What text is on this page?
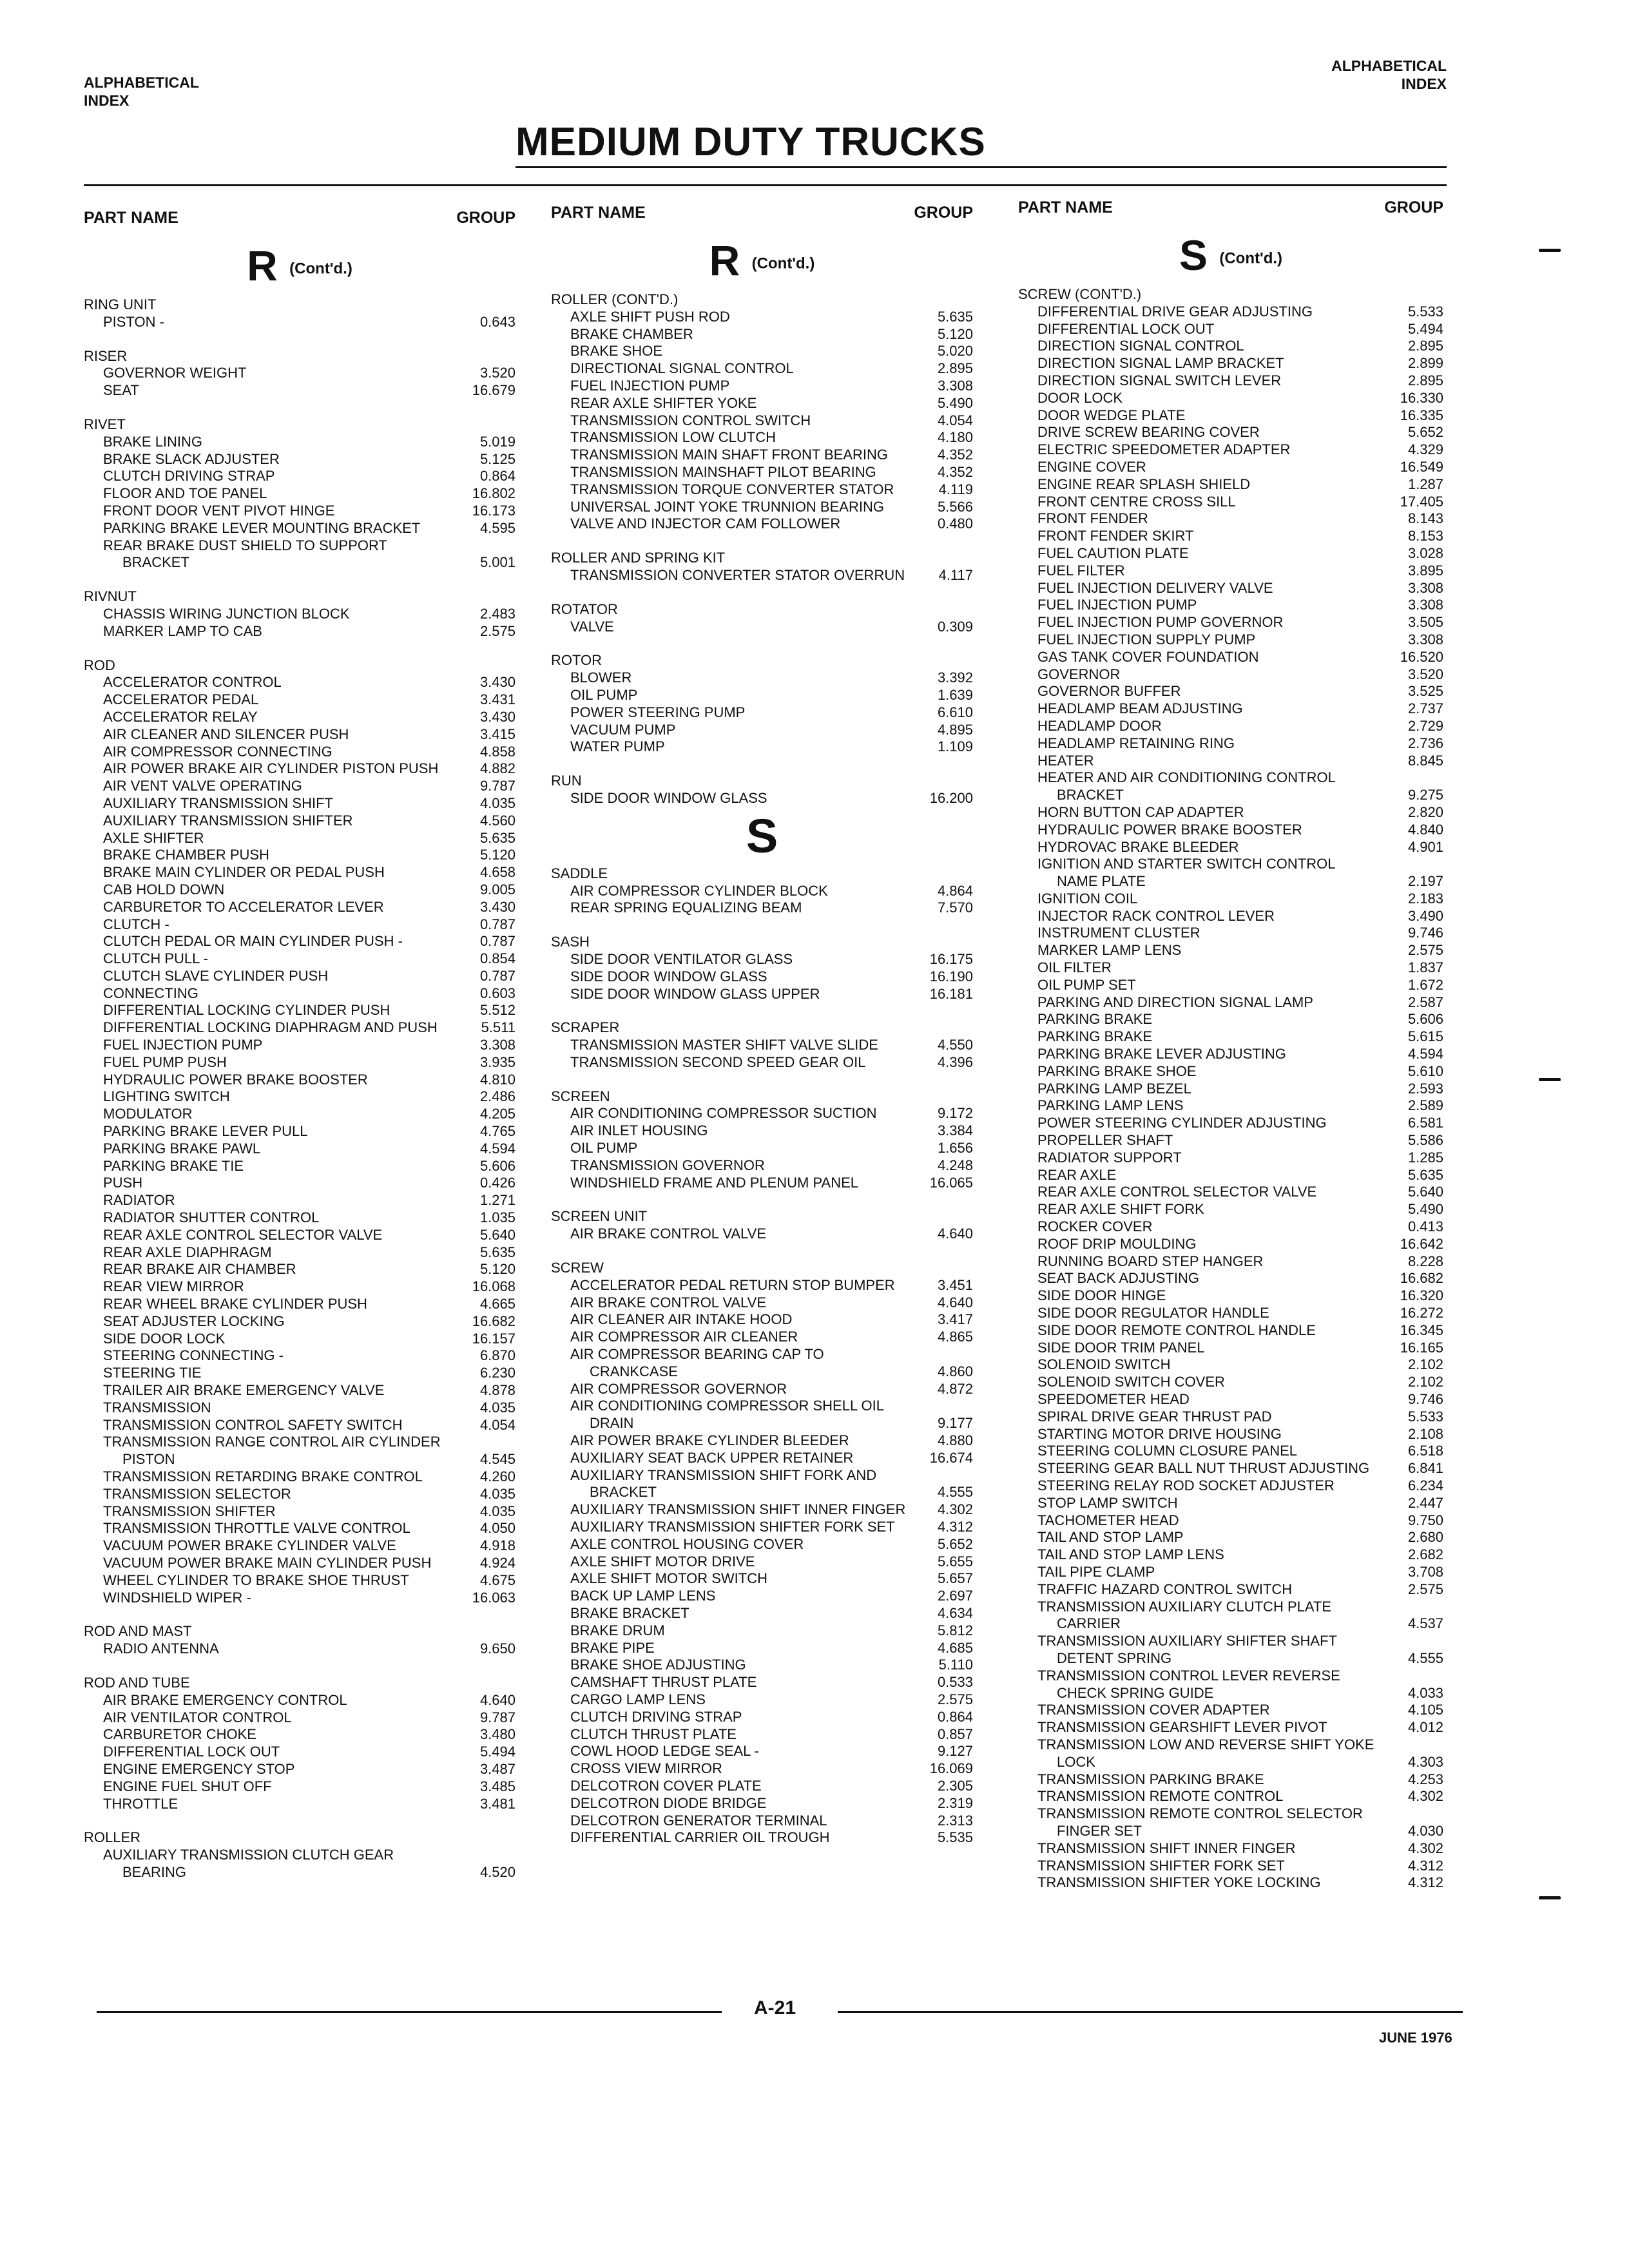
ALPHABETICAL
INDEX
ALPHABETICAL
INDEX
MEDIUM DUTY TRUCKS
PART NAME	GROUP
R (Cont'd.)
RING UNIT
PISTON -	0.643
RISER
GOVERNOR WEIGHT	3.520
SEAT	16.679
RIVET
BRAKE LINING	5.019
BRAKE SLACK ADJUSTER	5.125
CLUTCH DRIVING STRAP	0.864
FLOOR AND TOE PANEL	16.802
FRONT DOOR VENT PIVOT HINGE	16.173
PARKING BRAKE LEVER MOUNTING BRACKET	4.595
REAR BRAKE DUST SHIELD TO SUPPORT
BRACKET	5.001
RIVNUT
CHASSIS WIRING JUNCTION BLOCK	2.483
MARKER LAMP TO CAB	2.575
ROD
ACCELERATOR CONTROL	3.430
ACCELERATOR PEDAL	3.431
ACCELERATOR RELAY	3.430
AIR CLEANER AND SILENCER PUSH	3.415
AIR COMPRESSOR CONNECTING	4.858
AIR POWER BRAKE AIR CYLINDER PISTON PUSH	4.882
AIR VENT VALVE OPERATING	9.787
AUXILIARY TRANSMISSION SHIFT	4.035
AUXILIARY TRANSMISSION SHIFTER	4.560
AXLE SHIFTER	5.635
BRAKE CHAMBER PUSH	5.120
BRAKE MAIN CYLINDER OR PEDAL PUSH	4.658
CAB HOLD DOWN	9.005
CARBURETOR TO ACCELERATOR LEVER	3.430
CLUTCH -	0.787
CLUTCH PEDAL OR MAIN CYLINDER PUSH -	0.787
CLUTCH PULL -	0.854
CLUTCH SLAVE CYLINDER PUSH	0.787
CONNECTING	0.603
DIFFERENTIAL LOCKING CYLINDER PUSH	5.512
DIFFERENTIAL LOCKING DIAPHRAGM AND PUSH	5.511
FUEL INJECTION PUMP	3.308
FUEL PUMP PUSH	3.935
HYDRAULIC POWER BRAKE BOOSTER	4.810
LIGHTING SWITCH	2.486
MODULATOR	4.205
PARKING BRAKE LEVER PULL	4.765
PARKING BRAKE PAWL	4.594
PARKING BRAKE TIE	5.606
PUSH	0.426
RADIATOR	1.271
RADIATOR SHUTTER CONTROL	1.035
REAR AXLE CONTROL SELECTOR VALVE	5.640
REAR AXLE DIAPHRAGM	5.635
REAR BRAKE AIR CHAMBER	5.120
REAR VIEW MIRROR	16.068
REAR WHEEL BRAKE CYLINDER PUSH	4.665
SEAT ADJUSTER LOCKING	16.682
SIDE DOOR LOCK	16.157
STEERING CONNECTING -	6.870
STEERING TIE	6.230
TRAILER AIR BRAKE EMERGENCY VALVE	4.878
TRANSMISSION	4.035
TRANSMISSION CONTROL SAFETY SWITCH	4.054
TRANSMISSION RANGE CONTROL AIR CYLINDER
PISTON	4.545
TRANSMISSION RETARDING BRAKE CONTROL	4.260
TRANSMISSION SELECTOR	4.035
TRANSMISSION SHIFTER	4.035
TRANSMISSION THROTTLE VALVE CONTROL	4.050
VACUUM POWER BRAKE CYLINDER VALVE	4.918
VACUUM POWER BRAKE MAIN CYLINDER PUSH	4.924
WHEEL CYLINDER TO BRAKE SHOE THRUST	4.675
WINDSHIELD WIPER -	16.063
ROD AND MAST
RADIO ANTENNA	9.650
ROD AND TUBE
AIR BRAKE EMERGENCY CONTROL	4.640
AIR VENTILATOR CONTROL	9.787
CARBURETOR CHOKE	3.480
DIFFERENTIAL LOCK OUT	5.494
ENGINE EMERGENCY STOP	3.487
ENGINE FUEL SHUT OFF	3.485
THROTTLE	3.481
ROLLER
AUXILIARY TRANSMISSION CLUTCH GEAR
BEARING	4.520
PART NAME	GROUP
R (Cont'd.)
ROLLER (CONT'D.)
AXLE SHIFT PUSH ROD	5.635
BRAKE CHAMBER	5.120
BRAKE SHOE	5.020
DIRECTIONAL SIGNAL CONTROL	2.895
FUEL INJECTION PUMP	3.308
REAR AXLE SHIFTER YOKE	5.490
TRANSMISSION CONTROL SWITCH	4.054
TRANSMISSION LOW CLUTCH	4.180
TRANSMISSION MAIN SHAFT FRONT BEARING	4.352
TRANSMISSION MAINSHAFT PILOT BEARING	4.352
TRANSMISSION TORQUE CONVERTER STATOR	4.119
UNIVERSAL JOINT YOKE TRUNNION BEARING	5.566
VALVE AND INJECTOR CAM FOLLOWER	0.480
ROLLER AND SPRING KIT
TRANSMISSION CONVERTER STATOR OVERRUN	4.117
ROTATOR
VALVE	0.309
ROTOR
BLOWER	3.392
OIL PUMP	1.639
POWER STEERING PUMP	6.610
VACUUM PUMP	4.895
WATER PUMP	1.109
RUN
SIDE DOOR WINDOW GLASS	16.200
S
SADDLE
AIR COMPRESSOR CYLINDER BLOCK	4.864
REAR SPRING EQUALIZING BEAM	7.570
SASH
SIDE DOOR VENTILATOR GLASS	16.175
SIDE DOOR WINDOW GLASS	16.190
SIDE DOOR WINDOW GLASS UPPER	16.181
SCRAPER
TRANSMISSION MASTER SHIFT VALVE SLIDE	4.550
TRANSMISSION SECOND SPEED GEAR OIL	4.396
SCREEN
AIR CONDITIONING COMPRESSOR SUCTION	9.172
AIR INLET HOUSING	3.384
OIL PUMP	1.656
TRANSMISSION GOVERNOR	4.248
WINDSHIELD FRAME AND PLENUM PANEL	16.065
SCREEN UNIT
AIR BRAKE CONTROL VALVE	4.640
SCREW
ACCELERATOR PEDAL RETURN STOP BUMPER	3.451
AIR BRAKE CONTROL VALVE	4.640
AIR CLEANER AIR INTAKE HOOD	3.417
AIR COMPRESSOR AIR CLEANER	4.865
AIR COMPRESSOR BEARING CAP TO
CRANKCASE	4.860
AIR COMPRESSOR GOVERNOR	4.872
AIR CONDITIONING COMPRESSOR SHELL OIL
DRAIN	9.177
AIR POWER BRAKE CYLINDER BLEEDER	4.880
AUXILIARY SEAT BACK UPPER RETAINER	16.674
AUXILIARY TRANSMISSION SHIFT FORK AND
BRACKET	4.555
AUXILIARY TRANSMISSION SHIFT INNER FINGER	4.302
AUXILIARY TRANSMISSION SHIFTER FORK SET	4.312
AXLE CONTROL HOUSING COVER	5.652
AXLE SHIFT MOTOR DRIVE	5.655
AXLE SHIFT MOTOR SWITCH	5.657
BACK UP LAMP LENS	2.697
BRAKE BRACKET	4.634
BRAKE DRUM	5.812
BRAKE PIPE	4.685
BRAKE SHOE ADJUSTING	5.110
CAMSHAFT THRUST PLATE	0.533
CARGO LAMP LENS	2.575
CLUTCH DRIVING STRAP	0.864
CLUTCH THRUST PLATE	0.857
COWL HOOD LEDGE SEAL -	9.127
CROSS VIEW MIRROR	16.069
DELCOTRON COVER PLATE	2.305
DELCOTRON DIODE BRIDGE	2.319
DELCOTRON GENERATOR TERMINAL	2.313
DIFFERENTIAL CARRIER OIL TROUGH	5.535
PART NAME	GROUP
S (Cont'd.)
SCREW (CONT'D.)
DIFFERENTIAL DRIVE GEAR ADJUSTING	5.533
DIFFERENTIAL LOCK OUT	5.494
DIRECTION SIGNAL CONTROL	2.895
DIRECTION SIGNAL LAMP BRACKET	2.899
DIRECTION SIGNAL SWITCH LEVER	2.895
DOOR LOCK	16.330
DOOR WEDGE PLATE	16.335
DRIVE SCREW BEARING COVER	5.652
ELECTRIC SPEEDOMETER ADAPTER	4.329
ENGINE COVER	16.549
ENGINE REAR SPLASH SHIELD	1.287
FRONT CENTRE CROSS SILL	17.405
FRONT FENDER	8.143
FRONT FENDER SKIRT	8.153
FUEL CAUTION PLATE	3.028
FUEL FILTER	3.895
FUEL INJECTION DELIVERY VALVE	3.308
FUEL INJECTION PUMP	3.308
FUEL INJECTION PUMP GOVERNOR	3.505
FUEL INJECTION SUPPLY PUMP	3.308
GAS TANK COVER FOUNDATION	16.520
GOVERNOR	3.520
GOVERNOR BUFFER	3.525
HEADLAMP BEAM ADJUSTING	2.737
HEADLAMP DOOR	2.729
HEADLAMP RETAINING RING	2.736
HEATER	8.845
HEATER AND AIR CONDITIONING CONTROL
BRACKET	9.275
HORN BUTTON CAP ADAPTER	2.820
HYDRAULIC POWER BRAKE BOOSTER	4.840
HYDROVAC BRAKE BLEEDER	4.901
IGNITION AND STARTER SWITCH CONTROL
NAME PLATE	2.197
IGNITION COIL	2.183
INJECTOR RACK CONTROL LEVER	3.490
INSTRUMENT CLUSTER	9.746
MARKER LAMP LENS	2.575
OIL FILTER	1.837
OIL PUMP SET	1.672
PARKING AND DIRECTION SIGNAL LAMP	2.587
PARKING BRAKE	5.606
PARKING BRAKE	5.615
PARKING BRAKE LEVER ADJUSTING	4.594
PARKING BRAKE SHOE	5.610
PARKING LAMP BEZEL	2.593
PARKING LAMP LENS	2.589
POWER STEERING CYLINDER ADJUSTING	6.581
PROPELLER SHAFT	5.586
RADIATOR SUPPORT	1.285
REAR AXLE	5.635
REAR AXLE CONTROL SELECTOR VALVE	5.640
REAR AXLE SHIFT FORK	5.490
ROCKER COVER	0.413
ROOF DRIP MOULDING	16.642
RUNNING BOARD STEP HANGER	8.228
SEAT BACK ADJUSTING	16.682
SIDE DOOR HINGE	16.320
SIDE DOOR REGULATOR HANDLE	16.272
SIDE DOOR REMOTE CONTROL HANDLE	16.345
SIDE DOOR TRIM PANEL	16.165
SOLENOID SWITCH	2.102
SOLENOID SWITCH COVER	2.102
SPEEDOMETER HEAD	9.746
SPIRAL DRIVE GEAR THRUST PAD	5.533
STARTING MOTOR DRIVE HOUSING	2.108
STEERING COLUMN CLOSURE PANEL	6.518
STEERING GEAR BALL NUT THRUST ADJUSTING	6.841
STEERING RELAY ROD SOCKET ADJUSTER	6.234
STOP LAMP SWITCH	2.447
TACHOMETER HEAD	9.750
TAIL AND STOP LAMP	2.680
TAIL AND STOP LAMP LENS	2.682
TAIL PIPE CLAMP	3.708
TRAFFIC HAZARD CONTROL SWITCH	2.575
TRANSMISSION AUXILIARY CLUTCH PLATE
CARRIER	4.537
TRANSMISSION AUXILIARY SHIFTER SHAFT
DETENT SPRING	4.555
TRANSMISSION CONTROL LEVER REVERSE
CHECK SPRING GUIDE	4.033
TRANSMISSION COVER ADAPTER	4.105
TRANSMISSION GEARSHIFT LEVER PIVOT	4.012
TRANSMISSION LOW AND REVERSE SHIFT YOKE
LOCK	4.303
TRANSMISSION PARKING BRAKE	4.253
TRANSMISSION REMOTE CONTROL	4.302
TRANSMISSION REMOTE CONTROL SELECTOR
FINGER SET	4.030
TRANSMISSION SHIFT INNER FINGER	4.302
TRANSMISSION SHIFTER FORK SET	4.312
TRANSMISSION SHIFTER YOKE LOCKING	4.312
A-21
JUNE 1976
